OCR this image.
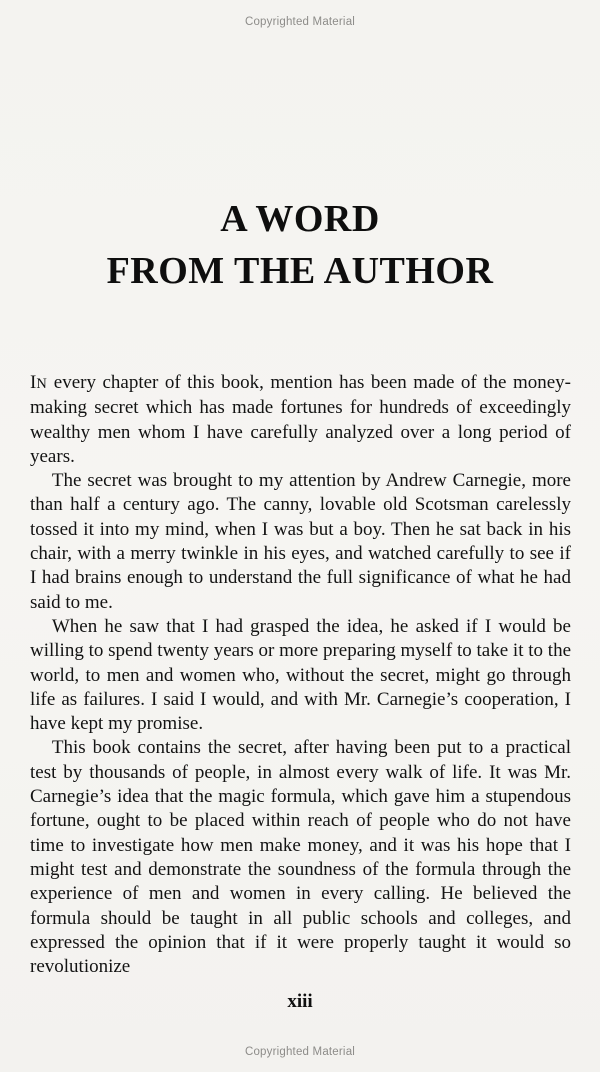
Copyrighted Material
A WORD
FROM THE AUTHOR

IN every chapter of this book, mention has been made of the money-making secret which has made fortunes for hundreds of exceedingly wealthy men whom I have carefully analyzed over a long period of years.

The secret was brought to my attention by Andrew Carnegie, more than half a century ago. The canny, lovable old Scotsman carelessly tossed it into my mind, when I was but a boy. Then he sat back in his chair, with a merry twinkle in his eyes, and watched carefully to see if I had brains enough to understand the full significance of what he had said to me.

When he saw that I had grasped the idea, he asked if I would be willing to spend twenty years or more preparing myself to take it to the world, to men and women who, without the secret, might go through life as failures. I said I would, and with Mr. Carnegie’s cooperation, I have kept my promise.

This book contains the secret, after having been put to a practical test by thousands of people, in almost every walk of life. It was Mr. Carnegie’s idea that the magic formula, which gave him a stupendous fortune, ought to be placed within reach of people who do not have time to investigate how men make money, and it was his hope that I might test and demonstrate the soundness of the formula through the experience of men and women in every calling. He believed the formula should be taught in all public schools and colleges, and expressed the opinion that if it were properly taught it would so revolutionize

xiii
Copyrighted Material
